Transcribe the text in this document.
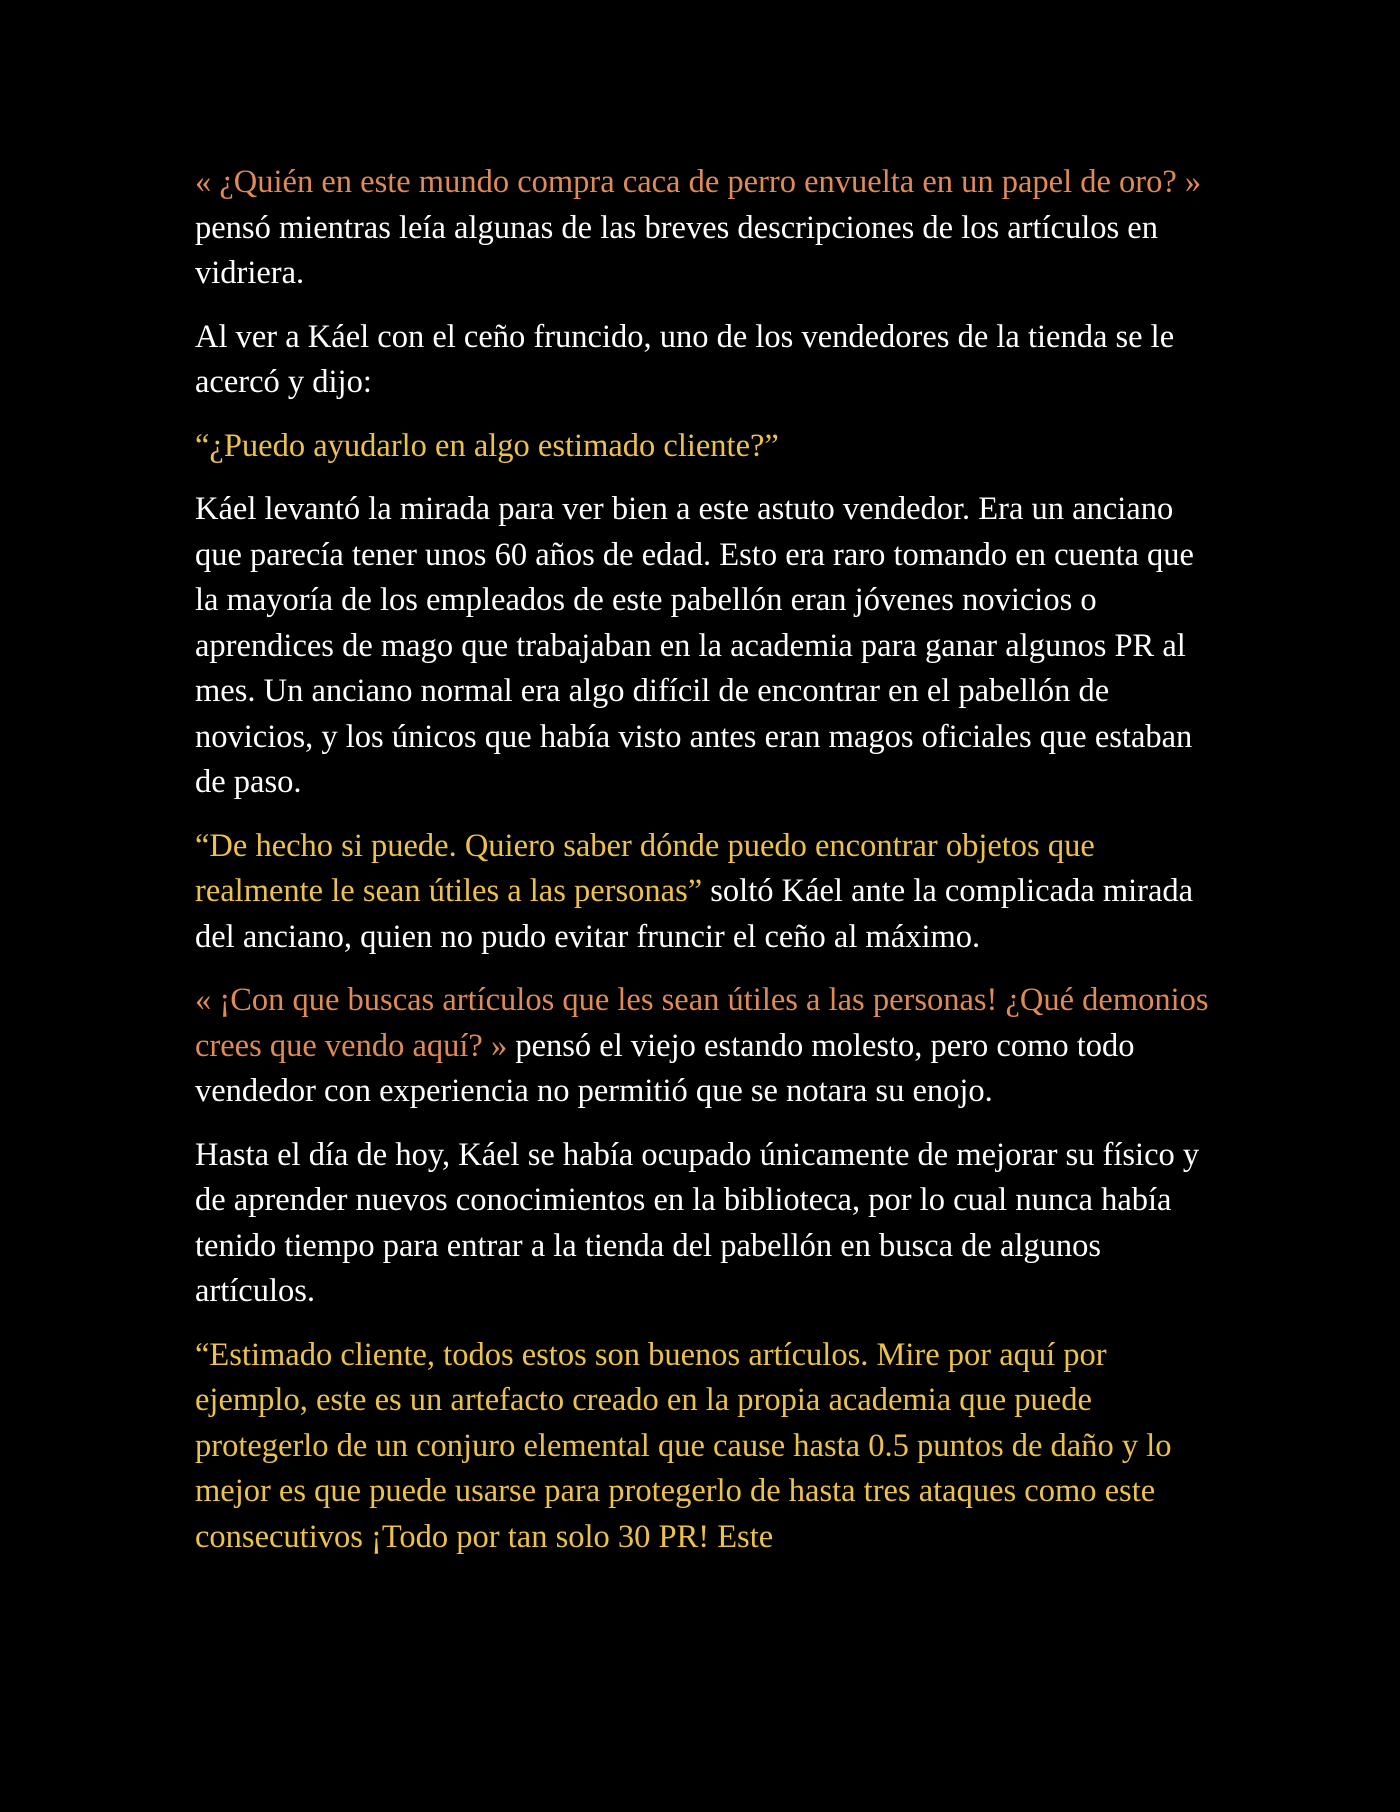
« ¿Quién en este mundo compra caca de perro envuelta en un papel de oro? » pensó mientras leía algunas de las breves descripciones de los artículos en vidriera.

Al ver a Káel con el ceño fruncido, uno de los vendedores de la tienda se le acercó y dijo:

“¿Puedo ayudarlo en algo estimado cliente?”

Káel levantó la mirada para ver bien a este astuto vendedor. Era un anciano que parecía tener unos 60 años de edad. Esto era raro tomando en cuenta que la mayoría de los empleados de este pabellón eran jóvenes novicios o aprendices de mago que trabajaban en la academia para ganar algunos PR al mes. Un anciano normal era algo difícil de encontrar en el pabellón de novicios, y los únicos que había visto antes eran magos oficiales que estaban de paso.

“De hecho si puede. Quiero saber dónde puedo encontrar objetos que realmente le sean útiles a las personas” soltó Káel ante la complicada mirada del anciano, quien no pudo evitar fruncir el ceño al máximo.

« ¡Con que buscas artículos que les sean útiles a las personas! ¿Qué demonios crees que vendo aquí? » pensó el viejo estando molesto, pero como todo vendedor con experiencia no permitió que se notara su enojo.

Hasta el día de hoy, Káel se había ocupado únicamente de mejorar su físico y de aprender nuevos conocimientos en la biblioteca, por lo cual nunca había tenido tiempo para entrar a la tienda del pabellón en busca de algunos artículos.

“Estimado cliente, todos estos son buenos artículos. Mire por aquí por ejemplo, este es un artefacto creado en la propia academia que puede protegerlo de un conjuro elemental que cause hasta 0.5 puntos de daño y lo mejor es que puede usarse para protegerlo de hasta tres ataques como este consecutivos ¡Todo por tan solo 30 PR! Este
